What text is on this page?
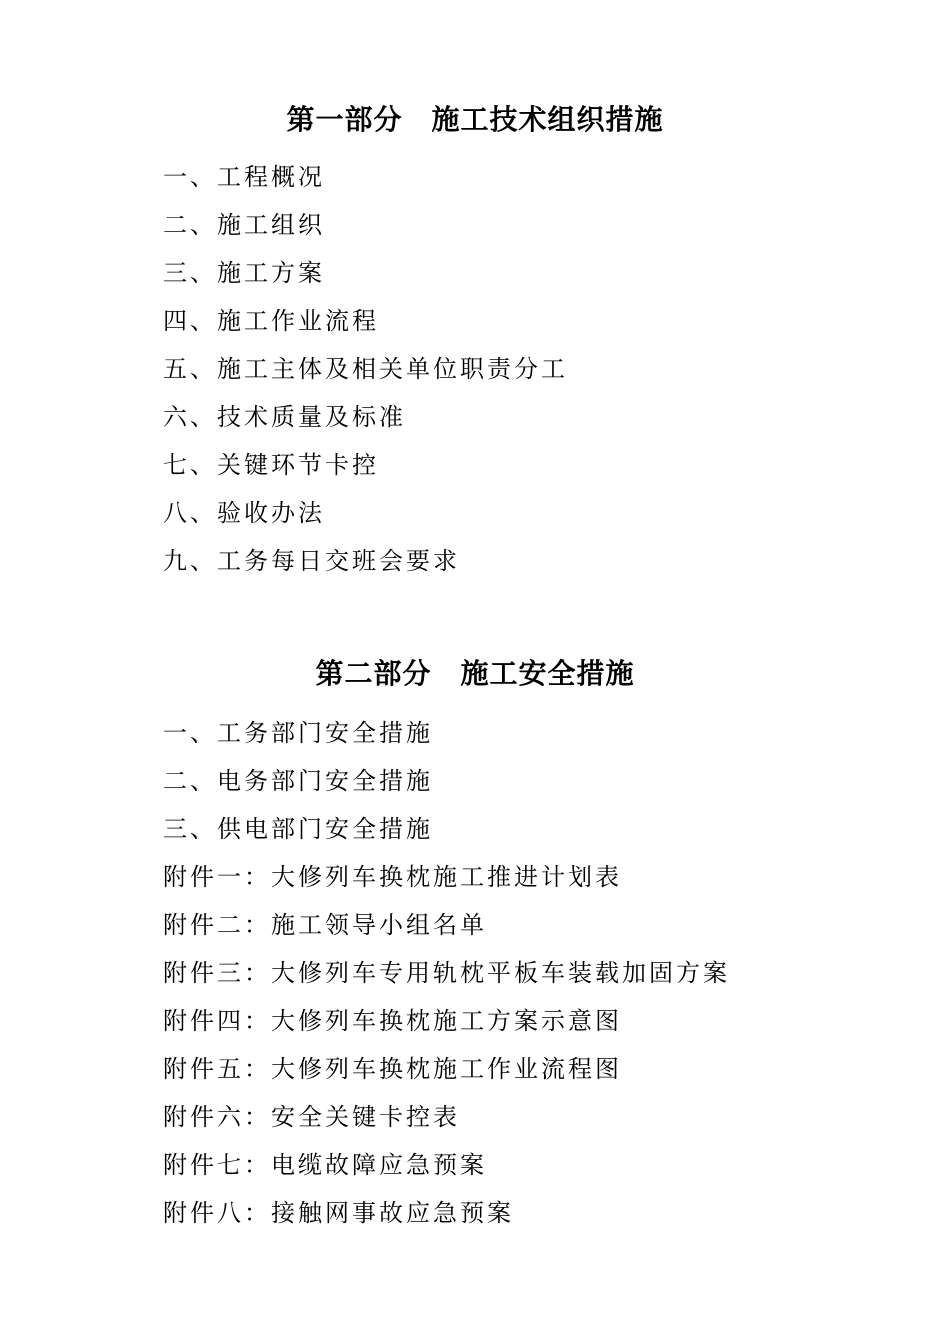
第一部分　施工技术组织措施
一、工程概况
二、施工组织
三、施工方案
四、施工作业流程
五、施工主体及相关单位职责分工
六、技术质量及标准
七、关键环节卡控
八、验收办法
九、工务每日交班会要求
第二部分　施工安全措施
一、工务部门安全措施
二、电务部门安全措施
三、供电部门安全措施
附件一：大修列车换枕施工推进计划表
附件二：施工领导小组名单
附件三：大修列车专用轨枕平板车装载加固方案
附件四：大修列车换枕施工方案示意图
附件五：大修列车换枕施工作业流程图
附件六：安全关键卡控表
附件七：电缆故障应急预案
附件八：接触网事故应急预案
